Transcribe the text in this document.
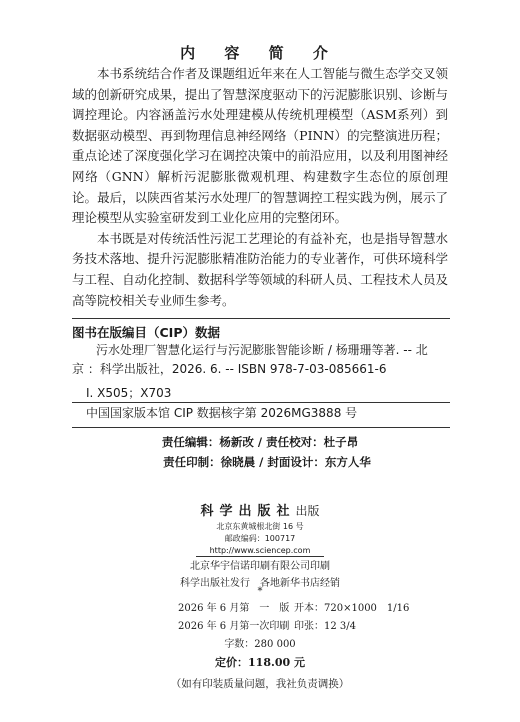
内 容 简 介

本书系统结合作者及课题组近年来在人工智能与微生态学交叉领域的创新研究成果，提出了智慧深度驱动下的污泥膨胀识别、诊断与调控理论。内容涵盖污水处理建模从传统机理模型（ASM系列）到数据驱动模型、再到物理信息神经网络（PINN）的完整演进历程；重点论述了深度强化学习在调控决策中的前沿应用，以及利用图神经网络（GNN）解析污泥膨胀微观机理、构建数字生态位的原创理论。最后，以陕西省某污水处理厂的智慧调控工程实践为例，展示了理论模型从实验室研发到工业化应用的完整闭环。

本书既是对传统活性污泥工艺理论的有益补充，也是指导智慧水务技术落地、提升污泥膨胀精准防治能力的专业著作，可供环境科学与工程、自动化控制、数据科学等领域的科研人员、工程技术人员及高等院校相关专业师生参考。

图书在版编目（CIP）数据
污水处理厂智慧化运行与污泥膨胀智能诊断 / 杨珊珊等著. -- 北
京 ：科学出版社，2026. 6. -- ISBN 978-7-03-085661-6
Ⅰ. X505；X703
中国国家版本馆 CIP 数据核字第 2026MG3888 号
责任编辑：杨新改 / 责任校对：杜子昂
责任印制：徐晓晨 / 封面设计：东方人华
科学出版社出版
北京东黄城根北街 16 号
邮政编码：100717
http://www.sciencep.com
北京华宇信诺印刷有限公司印刷
科学出版社发行　各地新华书店经销
*
2026 年 6 月第　一　版 开本：720×1000　1/16
2026 年 6 月第一次印刷 印张：12 3/4
字数：280 000
定价：118.00 元
（如有印装质量问题，我社负责调换）
